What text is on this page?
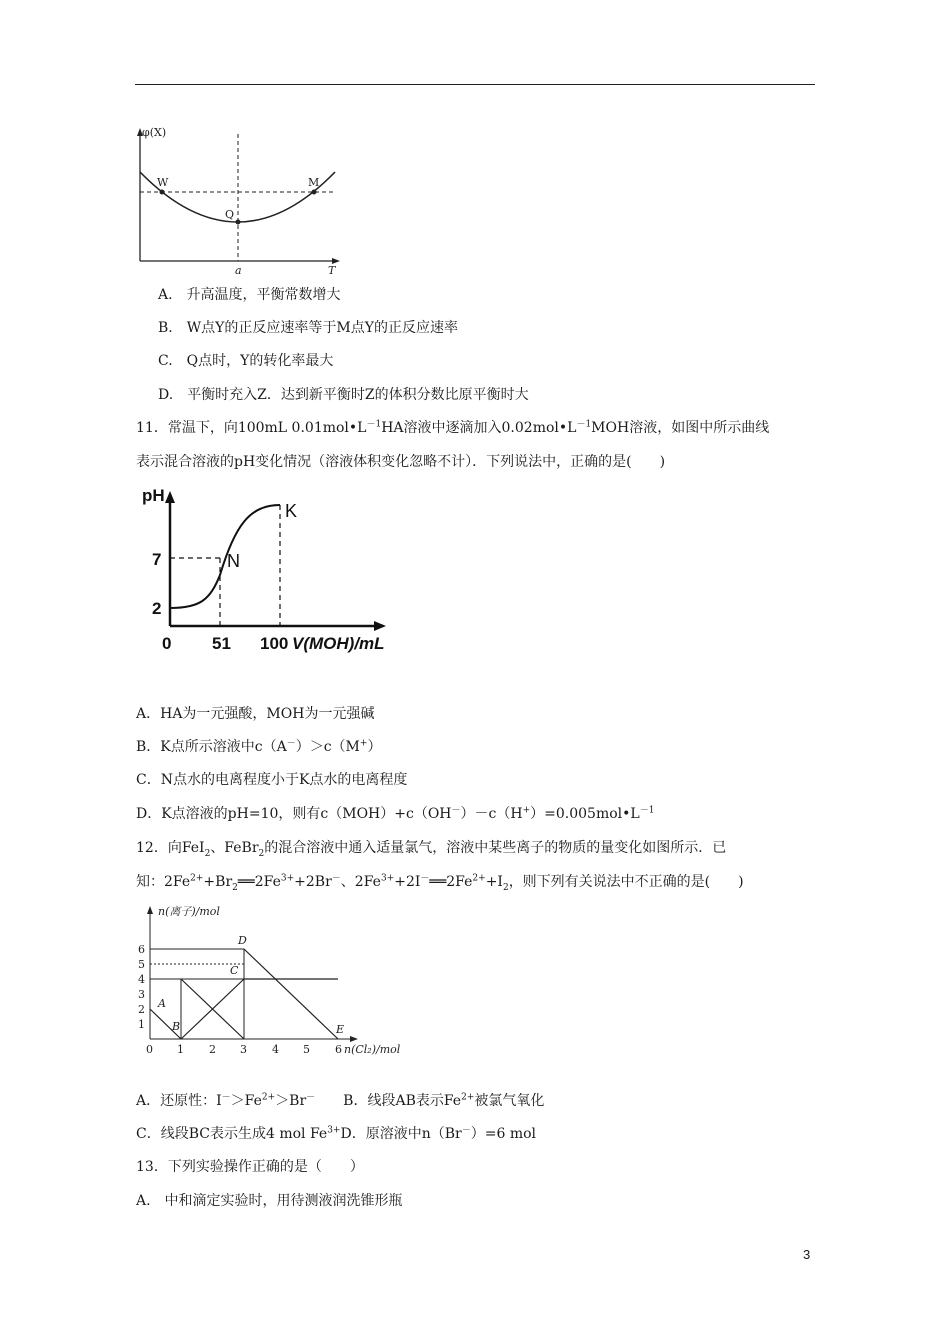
φ(X)
W	M
Q
a	T
A.　升高温度，平衡常数增大
B.　W点Y的正反应速率等于M点Y的正反应速率
C.　Q点时，Y的转化率最大
D.　平衡时充入Z．达到新平衡时Z的体积分数比原平衡时大
11．常温下，向100mL $0.01mol•L^{-1}HA$溶液中逐滴加入$0.02mol•L^{-1}MOH$溶液，如图中所示曲线
表示混合溶液的pH变化情况（溶液体积变化忽略不计）．下列说法中，正确的是(　　)
pH
7
2
0 51 100 V(MOH)/mL
N
K
A．HA为一元强酸，MOH为一元强碱
B．K点所示溶液中c（A－）＞c（M+）
C．N点水的电离程度小于K点水的电离程度
D．K点溶液的pH=10，则有$c(MOH)+c(OH^-)-c(H^+)=0.005mol•L^{-1}$
12．向FeI$_2$、FeBr$_2$的混合溶液中通入适量氯气，溶液中某些离子的物质的量变化如图所示．已
知：$2Fe^{2+}+Br_2══2Fe^{3+}+2Br^-$、$2Fe^{3+}+2I^-══2Fe^{2+}+I_2$，则下列有关说法中不正确的是(　　)
n(离子)/mol
6
5
4
3
2
1
0 1 2 3 4 5 6 n(Cl₂)/mol
A
B
C
D
E
A．还原性：$I^->Fe^{2+}>Br^-$　　B．线段AB表示$Fe^{2+}$被氯气氧化
C．线段BC表示生成4 mol $Fe^{3+}D$．原溶液中n（Br－）=6 mol
13．下列实验操作正确的是（　　）
A.　中和滴定实验时，用待测液润洗锥形瓶
3
